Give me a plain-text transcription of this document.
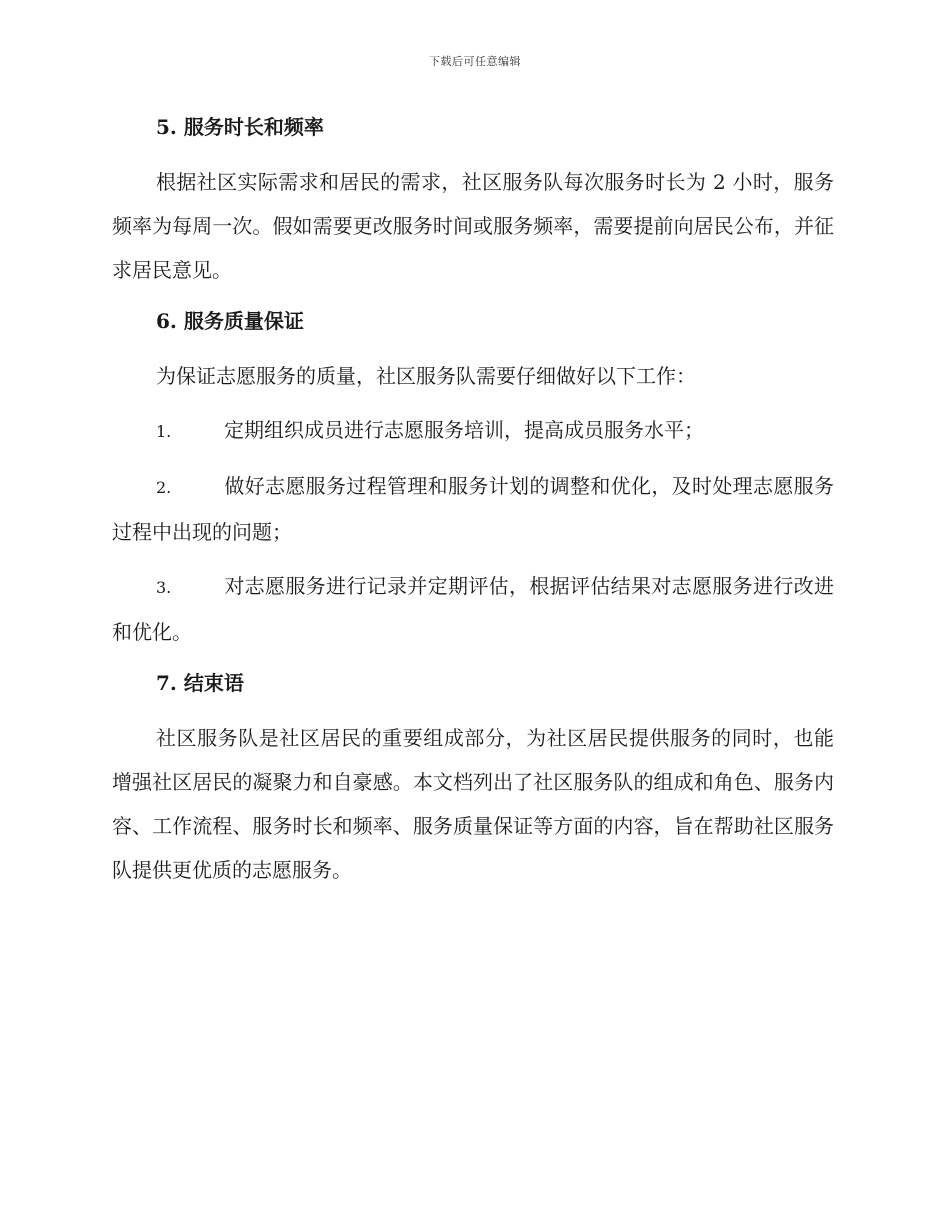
下载后可任意编辑
5. 服务时长和频率

根据社区实际需求和居民的需求，社区服务队每次服务时长为 2 小时，服务频率为每周一次。假如需要更改服务时间或服务频率，需要提前向居民公布，并征求居民意见。

6. 服务质量保证

为保证志愿服务的质量，社区服务队需要仔细做好以下工作：

1.	定期组织成员进行志愿服务培训，提高成员服务水平；

2.	做好志愿服务过程管理和服务计划的调整和优化，及时处理志愿服务过程中出现的问题；

3.	对志愿服务进行记录并定期评估，根据评估结果对志愿服务进行改进和优化。

7. 结束语

社区服务队是社区居民的重要组成部分，为社区居民提供服务的同时，也能增强社区居民的凝聚力和自豪感。本文档列出了社区服务队的组成和角色、服务内容、工作流程、服务时长和频率、服务质量保证等方面的内容，旨在帮助社区服务队提供更优质的志愿服务。
